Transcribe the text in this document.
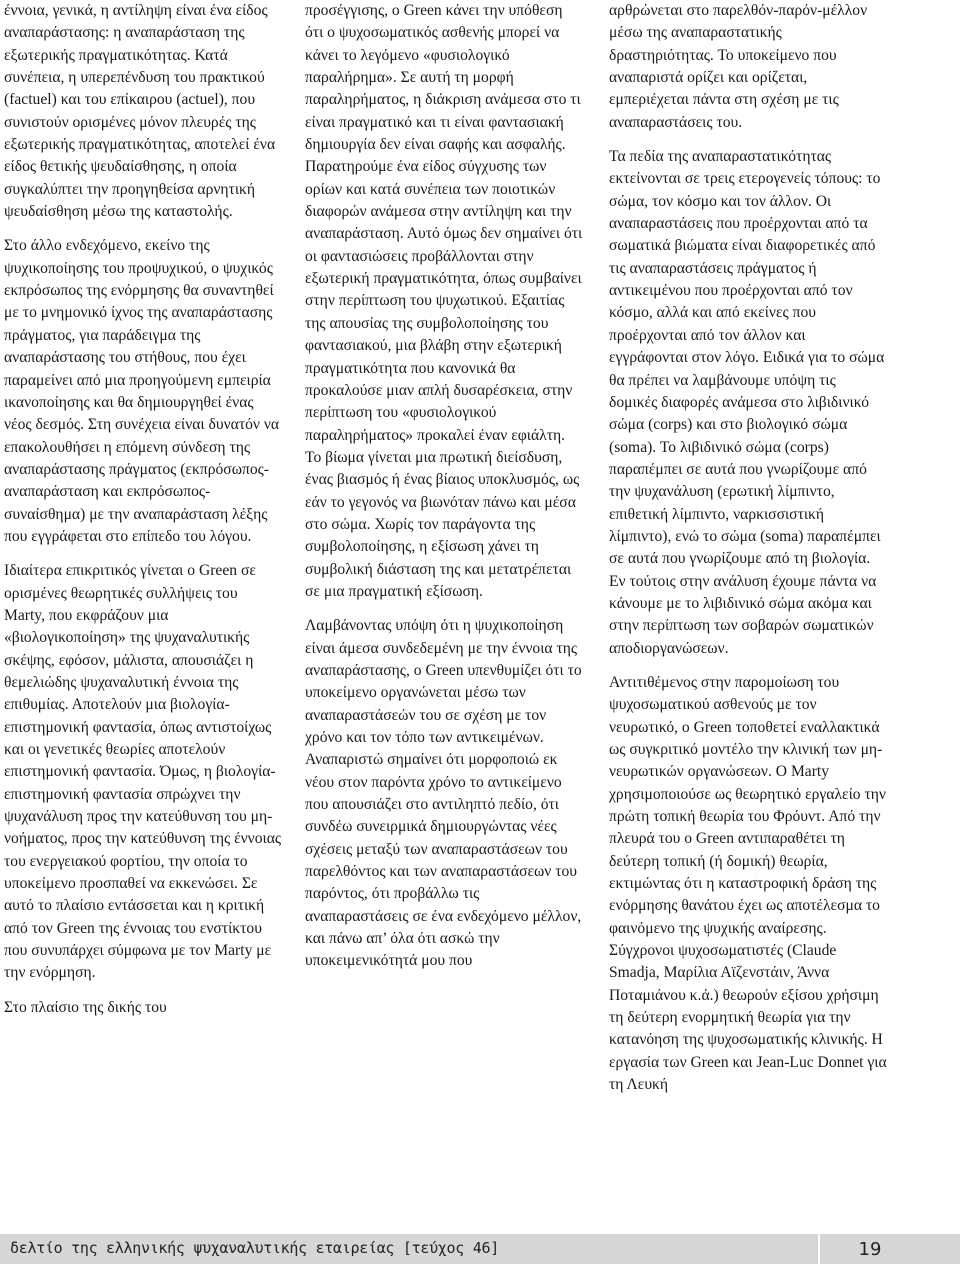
έννοια, γενικά, η αντίληψη είναι ένα είδος αναπαράστασης: η αναπαράσταση της εξωτερικής πραγματικότητας. Κατά συνέπεια, η υπερεπένδυση του πρακτικού (factuel) και του επίκαιρου (actuel), που συνιστούν ορισμένες μόνον πλευρές της εξωτερικής πραγματικότητας, αποτελεί ένα είδος θετικής ψευδαίσθησης, η οποία συγκαλύπτει την προηγηθείσα αρνητική ψευδαίσθηση μέσω της καταστολής.

Στο άλλο ενδεχόμενο, εκείνο της ψυχικοποίησης του προψυχικού, ο ψυχικός εκπρόσωπος της ενόρμησης θα συναντηθεί με το μνημονικό ίχνος της αναπαράστασης πράγματος, για παράδειγμα της αναπαράστασης του στήθους, που έχει παραμείνει από μια προηγούμενη εμπειρία ικανοποίησης και θα δημιουργηθεί ένας νέος δεσμός. Στη συνέχεια είναι δυνατόν να επακολουθήσει η επόμενη σύνδεση της αναπαράστασης πράγματος (εκπρόσωπος-αναπαράσταση και εκπρόσωπος-συναίσθημα) με την αναπαράσταση λέξης που εγγράφεται στο επίπεδο του λόγου.

Ιδιαίτερα επικριτικός γίνεται ο Green σε ορισμένες θεωρητικές συλλήψεις του Marty, που εκφράζουν μια «βιολογικοποίηση» της ψυχαναλυτικής σκέψης, εφόσον, μάλιστα, απουσιάζει η θεμελιώδης ψυχαναλυτική έννοια της επιθυμίας. Αποτελούν μια βιολογία-επιστημονική φαντασία, όπως αντιστοίχως και οι γενετικές θεωρίες αποτελούν επιστημονική φαντασία. Όμως, η βιολογία-επιστημονική φαντασία σπρώχνει την ψυχανάλυση προς την κατεύθυνση του μη-νοήματος, προς την κατεύθυνση της έννοιας του ενεργειακού φορτίου, την οποία το υποκείμενο προσπαθεί να εκκενώσει. Σε αυτό το πλαίσιο εντάσσεται και η κριτική από τον Green της έννοιας του ενστίκτου που συνυπάρχει σύμφωνα με τον Marty με την ενόρμηση.

Στο πλαίσιο της δικής του

προσέγγισης, ο Green κάνει την υπόθεση ότι ο ψυχοσωματικός ασθενής μπορεί να κάνει το λεγόμενο «φυσιολογικό παραλήρημα». Σε αυτή τη μορφή παραληρήματος, η διάκριση ανάμεσα στο τι είναι πραγματικό και τι είναι φαντασιακή δημιουργία δεν είναι σαφής και ασφαλής. Παρατηρούμε ένα είδος σύγχυσης των ορίων και κατά συνέπεια των ποιοτικών διαφορών ανάμεσα στην αντίληψη και την αναπαράσταση. Αυτό όμως δεν σημαίνει ότι οι φαντασιώσεις προβάλλονται στην εξωτερική πραγματικότητα, όπως συμβαίνει στην περίπτωση του ψυχωτικού. Εξαιτίας της απουσίας της συμβολοποίησης του φαντασιακού, μια βλάβη στην εξωτερική πραγματικότητα που κανονικά θα προκαλούσε μιαν απλή δυσαρέσκεια, στην περίπτωση του «φυσιολογικού παραληρήματος» προκαλεί έναν εφιάλτη. Το βίωμα γίνεται μια πρωτική διείσδυση, ένας βιασμός ή ένας βίαιος υποκλυσμός, ως εάν το γεγονός να βιωνόταν πάνω και μέσα στο σώμα. Χωρίς τον παράγοντα της συμβολοποίησης, η εξίσωση χάνει τη συμβολική διάσταση της και μετατρέπεται σε μια πραγματική εξίσωση.

Λαμβάνοντας υπόψη ότι η ψυχικοποίηση είναι άμεσα συνδεδεμένη με την έννοια της αναπαράστασης, ο Green υπενθυμίζει ότι το υποκείμενο οργανώνεται μέσω των αναπαραστάσεών του σε σχέση με τον χρόνο και τον τόπο των αντικειμένων. Αναπαριστώ σημαίνει ότι μορφοποιώ εκ νέου στον παρόντα χρόνο το αντικείμενο που απουσιάζει στο αντιληπτό πεδίο, ότι συνδέω συνειρμικά δημιουργώντας νέες σχέσεις μεταξύ των αναπαραστάσεων του παρελθόντος και των αναπαραστάσεων του παρόντος, ότι προβάλλω τις αναπαραστάσεις σε ένα ενδεχόμενο μέλλον, και πάνω απ’ όλα ότι ασκώ την υποκειμενικότητά μου που

αρθρώνεται στο παρελθόν-παρόν-μέλλον μέσω της αναπαραστατικής δραστηριότητας. Το υποκείμενο που αναπαριστά ορίζει και ορίζεται, εμπεριέχεται πάντα στη σχέση με τις αναπαραστάσεις του.

Τα πεδία της αναπαραστατικότητας εκτείνονται σε τρεις ετερογενείς τόπους: το σώμα, τον κόσμο και τον άλλον. Οι αναπαραστάσεις που προέρχονται από τα σωματικά βιώματα είναι διαφορετικές από τις αναπαραστάσεις πράγματος ή αντικειμένου που προέρχονται από τον κόσμο, αλλά και από εκείνες που προέρχονται από τον άλλον και εγγράφονται στον λόγο. Ειδικά για το σώμα θα πρέπει να λαμβάνουμε υπόψη τις δομικές διαφορές ανάμεσα στο λιβιδινικό σώμα (corps) και στο βιολογικό σώμα (soma). Το λιβιδινικό σώμα (corps) παραπέμπει σε αυτά που γνωρίζουμε από την ψυχανάλυση (ερωτική λίμπιντο, επιθετική λίμπιντο, ναρκισσιστική λίμπιντο), ενώ το σώμα (soma) παραπέμπει σε αυτά που γνωρίζουμε από τη βιολογία. Εν τούτοις στην ανάλυση έχουμε πάντα να κάνουμε με το λιβιδινικό σώμα ακόμα και στην περίπτωση των σοβαρών σωματικών αποδιοργανώσεων.

Αντιτιθέμενος στην παρομοίωση του ψυχοσωματικού ασθενούς με τον νευρωτικό, ο Green τοποθετεί εναλλακτικά ως συγκριτικό μοντέλο την κλινική των μη-νευρωτικών οργανώσεων. Ο Marty χρησιμοποιούσε ως θεωρητικό εργαλείο την πρώτη τοπική θεωρία του Φρόυντ. Από την πλευρά του ο Green αντιπαραθέτει τη δεύτερη τοπική (ή δομική) θεωρία, εκτιμώντας ότι η καταστροφική δράση της ενόρμησης θανάτου έχει ως αποτέλεσμα το φαινόμενο της ψυχικής αναίρεσης. Σύγχρονοι ψυχοσωματιστές (Claude Smadja, Μαρίλια Αϊζενστάιν, Άννα Ποταμιάνου κ.ά.) θεωρούν εξίσου χρήσιμη τη δεύτερη ενορμητική θεωρία για την κατανόηση της ψυχοσωματικής κλινικής. Η εργασία των Green και Jean-Luc Donnet για τη Λευκή

δελτίο της ελληνικής ψυχαναλυτικής εταιρείας [τεύχος 46]	19
